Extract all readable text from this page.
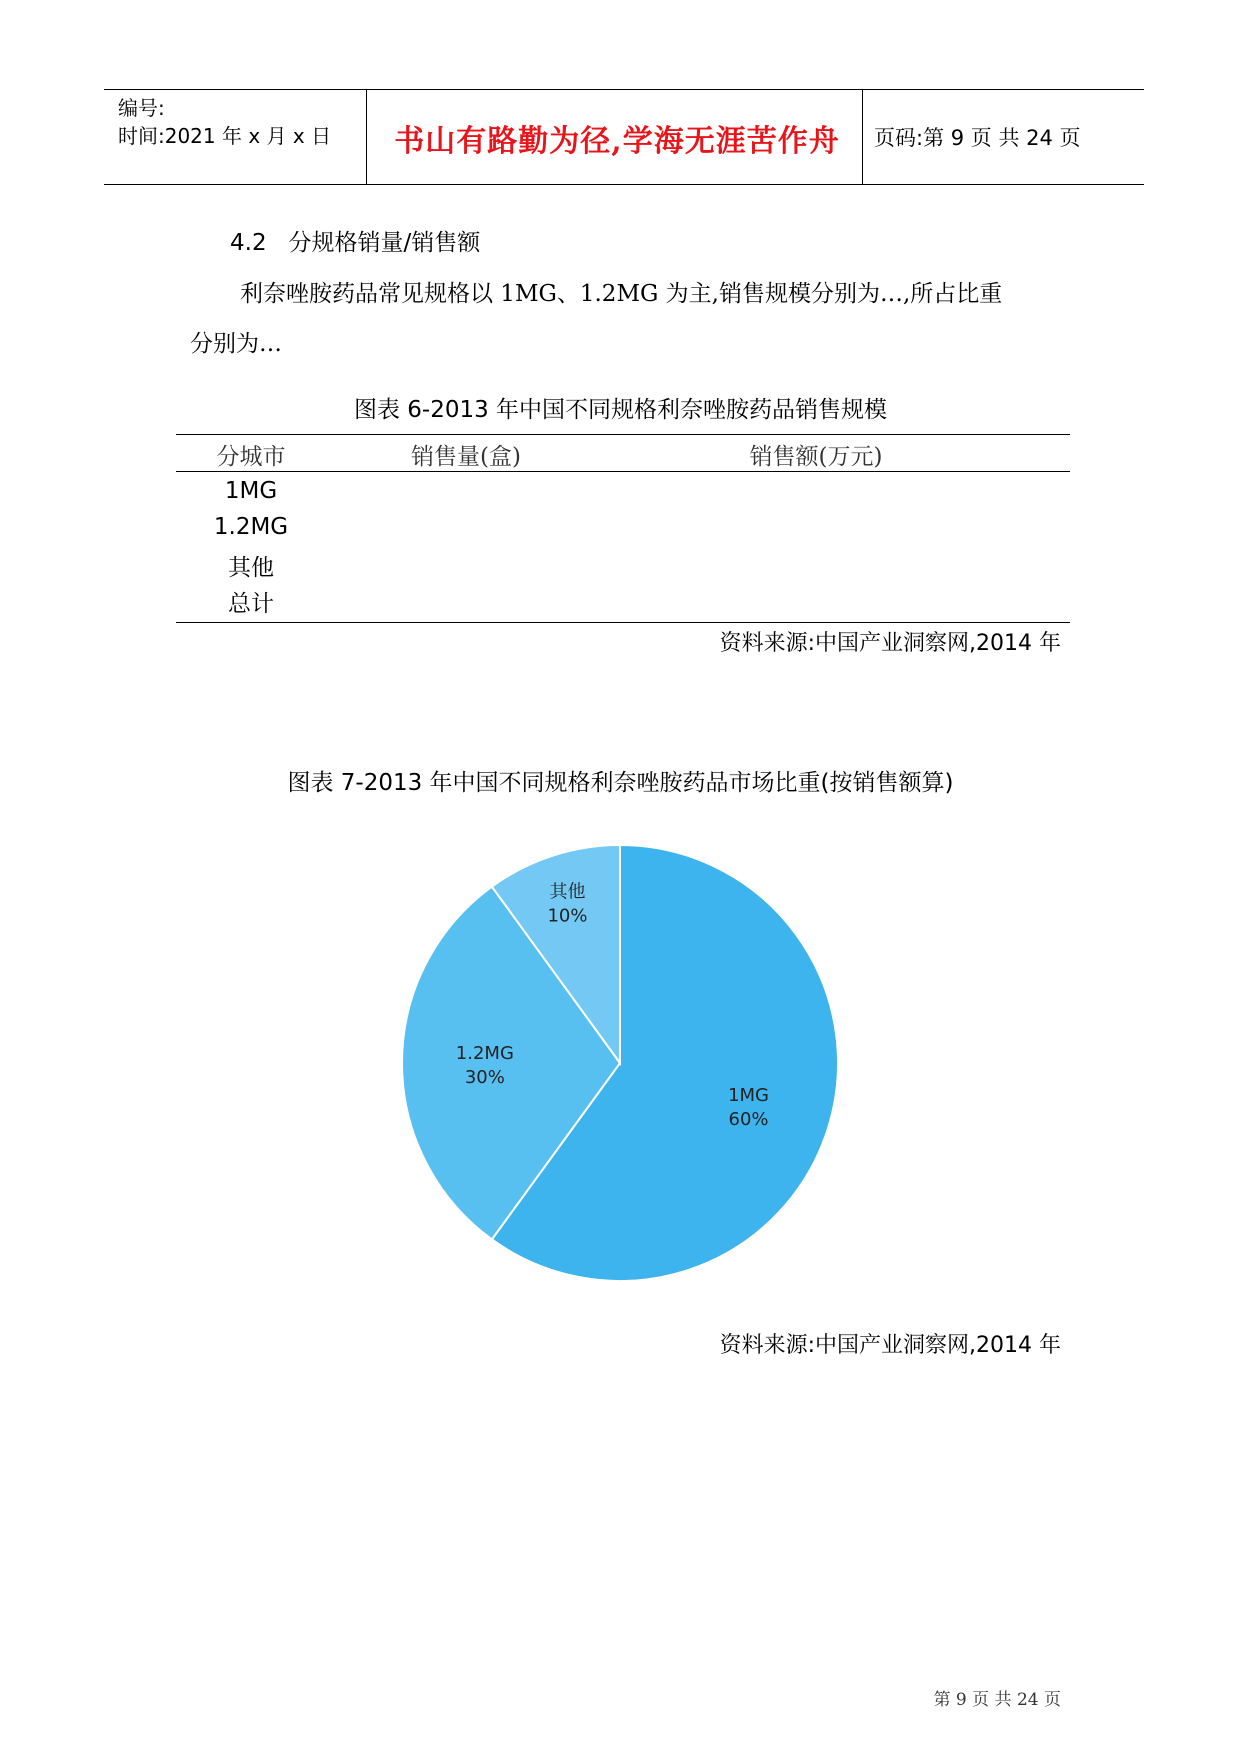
编号:
时间:2021 年 x 月 x 日	书山有路勤为径,学海无涯苦作舟	页码:第 9 页 共 24 页
4.2   分规格销量/销售额
利奈唑胺药品常见规格以 1MG、1.2MG 为主,销售规模分别为…,所占比重
分别为…
图表 6-2013 年中国不同规格利奈唑胺药品销售规模
分城市	销售量(盒)	销售额(万元)
1MG
1.2MG
其他
总计
资料来源:中国产业洞察网,2014 年
图表 7-2013 年中国不同规格利奈唑胺药品市场比重(按销售额算)
1MG
60%
1.2MG
30%
其他
10%
资料来源:中国产业洞察网,2014 年
第 9 页 共 24 页
